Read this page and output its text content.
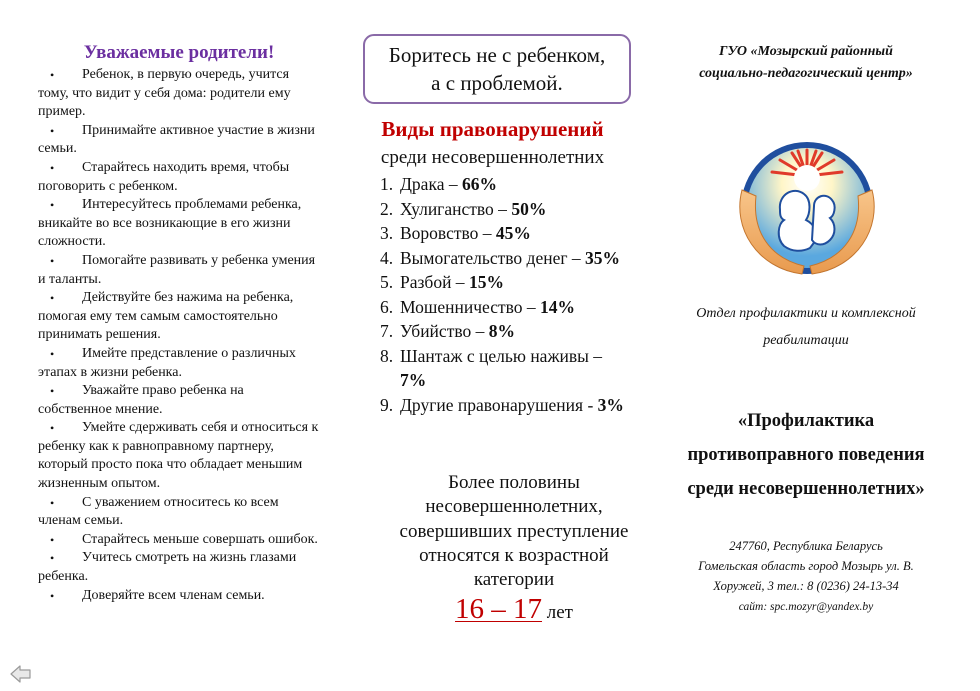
Уважаемые родители!
• Ребенок, в первую очередь, учится тому, что видит у себя дома: родители ему пример.
• Принимайте активное участие в жизни семьи.
• Старайтесь находить время, чтобы поговорить с ребенком.
• Интересуйтесь проблемами ребенка, вникайте во все возникающие в его жизни сложности.
• Помогайте развивать у ребенка умения и таланты.
• Действуйте без нажима на ребенка, помогая ему тем самым самостоятельно принимать решения.
• Имейте представление о различных этапах в жизни ребенка.
• Уважайте право ребенка на собственное мнение.
• Умейте сдерживать себя и относиться к ребенку как к равноправному партнеру, который просто пока что обладает меньшим жизненным опытом.
• С уважением относитесь ко всем членам семьи.
• Старайтесь меньше совершать ошибок.
• Учитесь смотреть на жизнь глазами ребенка.
• Доверяйте всем членам семьи.
Боритесь не с ребенком,
а с проблемой.
Виды правонарушений

среди несовершеннолетних

1. Драка – 66%
2. Хулиганство – 50%
3. Воровство – 45%
4. Вымогательство денег – 35%
5. Разбой – 15%
6. Мошенничество – 14%
7. Убийство – 8%
8. Шантаж с целью наживы – 7%
9. Другие правонарушения - 3%

Более половины несовершеннолетних, совершивших преступление относятся к возрастной категории

16 – 17 лет

ГУО «Мозырский районный
социально-педагогический центр»

Отдел профилактики и комплексной
реабилитации

«Профилактика
противоправного поведения
среди несовершеннолетних»

247760, Республика Беларусь
Гомельская область город Мозырь ул. В.
Хоружей, 3 тел.: 8 (0236) 24-13-34
сайт: spc.mozyr@yandex.by
